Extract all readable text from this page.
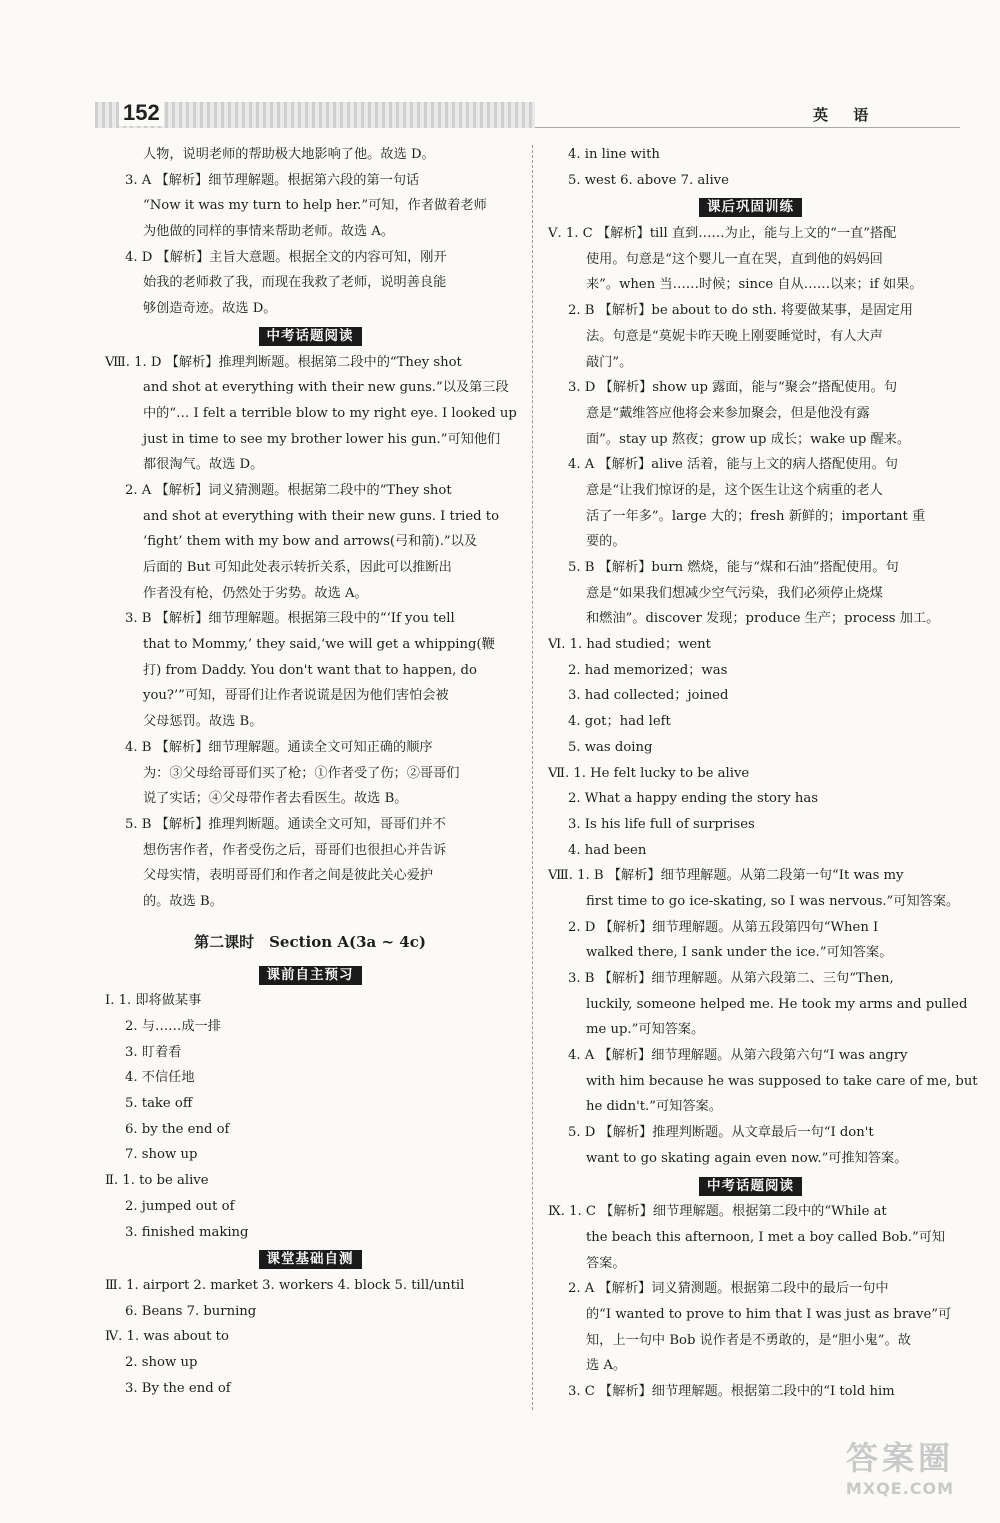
152	英 语
人物，说明老师的帮助极大地影响了他。故选 D。
3. A 【解析】细节理解题。根据第六段的第一句话
“Now it was my turn to help her.”可知，作者做着老师
为他做的同样的事情来帮助老师。故选 A。
4. D 【解析】主旨大意题。根据全文的内容可知，刚开
始我的老师救了我，而现在我救了老师，说明善良能
够创造奇迹。故选 D。
中考话题阅读
Ⅷ. 1. D 【解析】推理判断题。根据第二段中的“They shot
and shot at everything with their new guns.”以及第三段
中的“… I felt a terrible blow to my right eye. I looked up
just in time to see my brother lower his gun.”可知他们
都很淘气。故选 D。
2. A 【解析】词义猜测题。根据第二段中的“They shot
and shot at everything with their new guns. I tried to
‘fight’ them with my bow and arrows(弓和箭).”以及
后面的 But 可知此处表示转折关系，因此可以推断出
作者没有枪，仍然处于劣势。故选 A。
3. B 【解析】细节理解题。根据第三段中的“‘If you tell
that to Mommy,’ they said,‘we will get a whipping(鞭
打) from Daddy. You don't want that to happen, do
you?’”可知，哥哥们让作者说谎是因为他们害怕会被
父母惩罚。故选 B。
4. B 【解析】细节理解题。通读全文可知正确的顺序
为：③父母给哥哥们买了枪；①作者受了伤；②哥哥们
说了实话；④父母带作者去看医生。故选 B。
5. B 【解析】推理判断题。通读全文可知，哥哥们并不
想伤害作者，作者受伤之后，哥哥们也很担心并告诉
父母实情，表明哥哥们和作者之间是彼此关心爱护
的。故选 B。
第二课时　Section A(3a ~ 4c)
课前自主预习
Ⅰ. 1. 即将做某事
2. 与……成一排
3. 盯着看
4. 不信任地
5. take off
6. by the end of
7. show up
Ⅱ. 1. to be alive
2. jumped out of
3. finished making
课堂基础自测
Ⅲ. 1. airport 2. market 3. workers 4. block 5. till/until
6. Beans 7. burning
Ⅳ. 1. was about to
2. show up
3. By the end of
4. in line with
5. west 6. above 7. alive
课后巩固训练
Ⅴ. 1. C 【解析】till 直到……为止，能与上文的“一直”搭配
使用。句意是“这个婴儿一直在哭，直到他的妈妈回
来”。when 当……时候；since 自从……以来；if 如果。
2. B 【解析】be about to do sth. 将要做某事，是固定用
法。句意是“莫妮卡昨天晚上刚要睡觉时，有人大声
敲门”。
3. D 【解析】show up 露面，能与“聚会”搭配使用。句
意是“戴维答应他将会来参加聚会，但是他没有露
面”。stay up 熬夜；grow up 成长；wake up 醒来。
4. A 【解析】alive 活着，能与上文的病人搭配使用。句
意是“让我们惊讶的是，这个医生让这个病重的老人
活了一年多”。large 大的；fresh 新鲜的；important 重
要的。
5. B 【解析】burn 燃烧，能与“煤和石油”搭配使用。句
意是“如果我们想减少空气污染，我们必须停止烧煤
和燃油”。discover 发现；produce 生产；process 加工。
Ⅵ. 1. had studied；went
2. had memorized；was
3. had collected；joined
4. got；had left
5. was doing
Ⅶ. 1. He felt lucky to be alive
2. What a happy ending the story has
3. Is his life full of surprises
4. had been
Ⅷ. 1. B 【解析】细节理解题。从第二段第一句“It was my
first time to go ice-skating, so I was nervous.”可知答案。
2. D 【解析】细节理解题。从第五段第四句“When I
walked there, I sank under the ice.”可知答案。
3. B 【解析】细节理解题。从第六段第二、三句“Then,
luckily, someone helped me. He took my arms and pulled
me up.”可知答案。
4. A 【解析】细节理解题。从第六段第六句“I was angry
with him because he was supposed to take care of me, but
he didn't.”可知答案。
5. D 【解析】推理判断题。从文章最后一句“I don't
want to go skating again even now.”可推知答案。
中考话题阅读
Ⅸ. 1. C 【解析】细节理解题。根据第二段中的“While at
the beach this afternoon, I met a boy called Bob.”可知
答案。
2. A 【解析】词义猜测题。根据第二段中的最后一句中
的“I wanted to prove to him that I was just as brave”可
知，上一句中 Bob 说作者是不勇敢的，是“胆小鬼”。故
选 A。
3. C 【解析】细节理解题。根据第二段中的“I told him
答案圈
MXQE.COM
